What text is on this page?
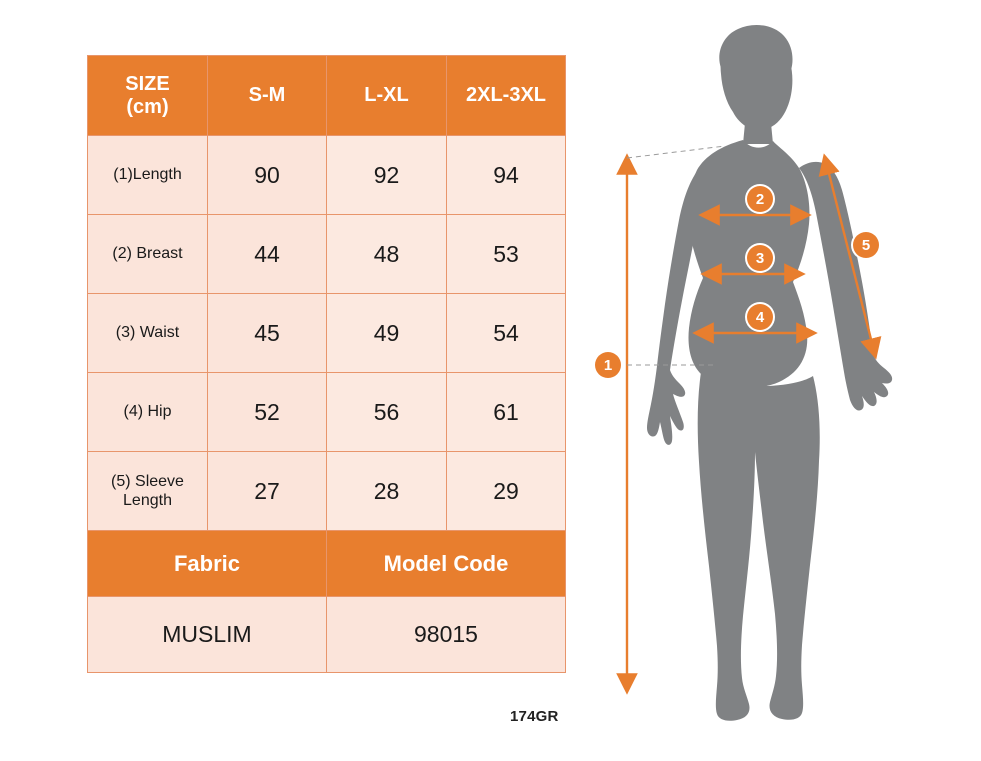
SIZE
(cm)	S-M	L-XL	2XL-3XL
(1)Length	90	92	94
(2) Breast	44	48	53
(3) Waist	45	49	54
(4) Hip	52	56	61
(5) Sleeve
Length	27	28	29
Fabric		Model Code	
MUSLIM		98015	
174GR
1
2
3
4
5
